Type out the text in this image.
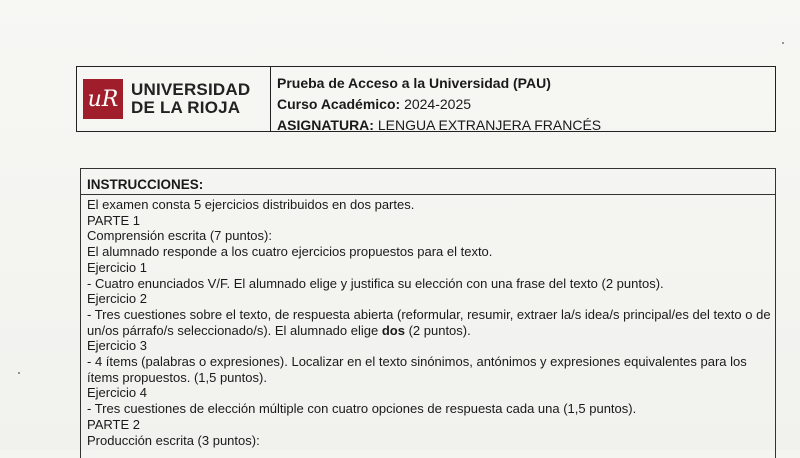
uR UNIVERSIDAD
DE LA RIOJA
Prueba de Acceso a la Universidad (PAU)
Curso Académico: 2024-2025
ASIGNATURA: LENGUA EXTRANJERA FRANCÉS
INSTRUCCIONES:
El examen consta 5 ejercicios distribuidos en dos partes.
PARTE 1
Comprensión escrita (7 puntos):
El alumnado responde a los cuatro ejercicios propuestos para el texto.
Ejercicio 1
- Cuatro enunciados V/F. El alumnado elige y justifica su elección con una frase del texto (2 puntos).
Ejercicio 2
- Tres cuestiones sobre el texto, de respuesta abierta (reformular, resumir, extraer la/s idea/s principal/es del texto o de un/os párrafo/s seleccionado/s). El alumnado elige dos (2 puntos).
Ejercicio 3
- 4 ítems (palabras o expresiones). Localizar en el texto sinónimos, antónimos y expresiones equivalentes para los ítems propuestos. (1,5 puntos).
Ejercicio 4
- Tres cuestiones de elección múltiple con cuatro opciones de respuesta cada una (1,5 puntos).
PARTE 2
Producción escrita (3 puntos):
